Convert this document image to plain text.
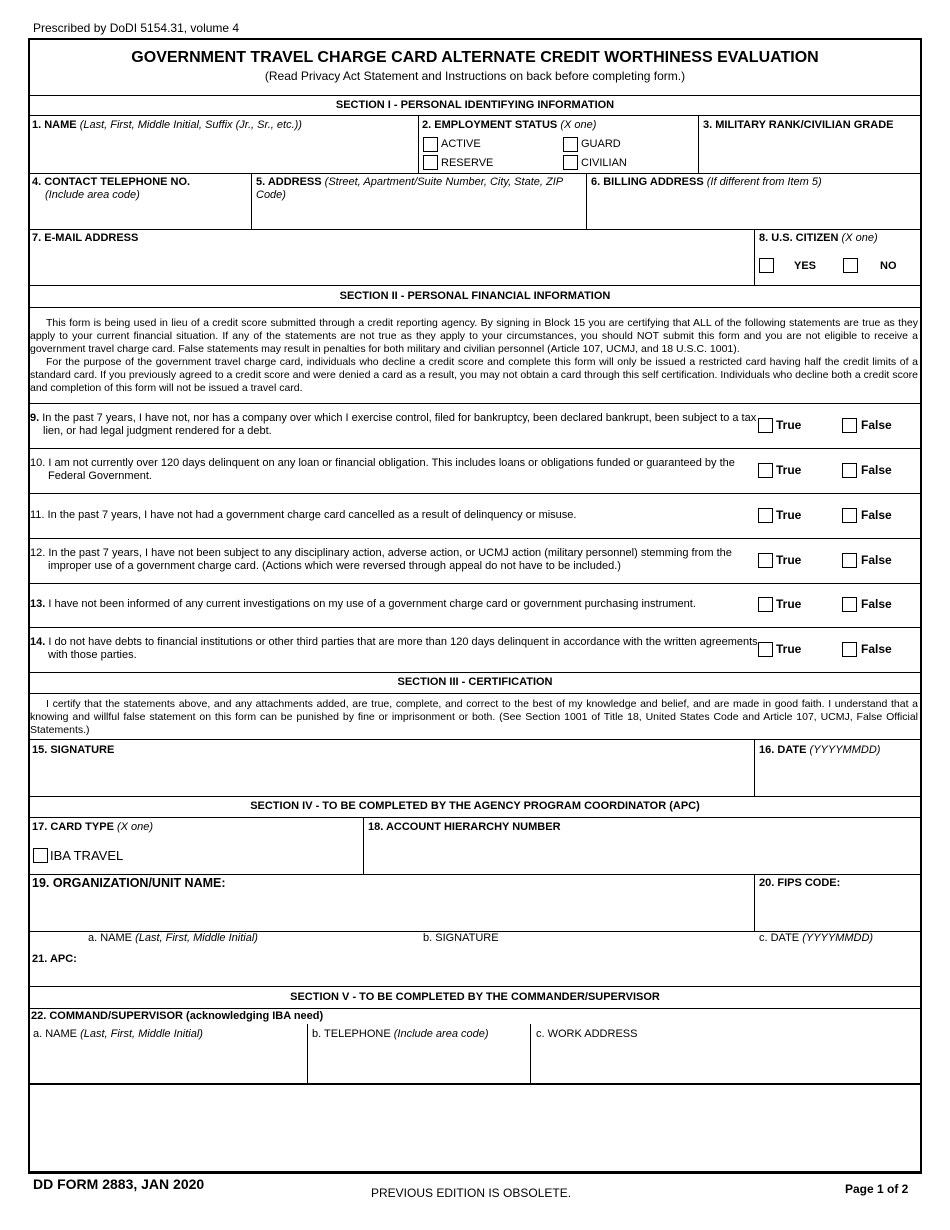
Prescribed by DoDI 5154.31, volume 4
GOVERNMENT TRAVEL CHARGE CARD ALTERNATE CREDIT WORTHINESS EVALUATION
(Read Privacy Act Statement and Instructions on back before completing form.)
SECTION I - PERSONAL IDENTIFYING INFORMATION
1. NAME (Last, First, Middle Initial, Suffix (Jr., Sr., etc.))	2. EMPLOYMENT STATUS (X one)
ACTIVE	GUARD
RESERVE	CIVILIAN
3. MILITARY RANK/CIVILIAN GRADE
4. CONTACT TELEPHONE NO.
(Include area code)
5. ADDRESS (Street, Apartment/Suite Number, City, State, ZIP Code)
6. BILLING ADDRESS (If different from Item 5)
7. E-MAIL ADDRESS	8. U.S. CITIZEN (X one)
YES	NO
SECTION II - PERSONAL FINANCIAL INFORMATION
This form is being used in lieu of a credit score submitted through a credit reporting agency. By signing in Block 15 you are certifying that ALL of the following statements are true as they apply to your current financial situation. If any of the statements are not true as they apply to your circumstances, you should NOT submit this form and you are not eligible to receive a government travel charge card. False statements may result in penalties for both military and civilian personnel (Article 107, UCMJ, and 18 U.S.C. 1001).
For the purpose of the government travel charge card, individuals who decline a credit score and complete this form will only be issued a restricted card having half the credit limits of a standard card. If you previously agreed to a credit score and were denied a card as a result, you may not obtain a card through this self certification. Individuals who decline both a credit score and completion of this form will not be issued a travel card.
9. In the past 7 years, I have not, nor has a company over which I exercise control, filed for bankruptcy, been declared bankrupt, been subject to a tax lien, or had legal judgment rendered for a debt.	True	False
10. I am not currently over 120 days delinquent on any loan or financial obligation. This includes loans or obligations funded or guaranteed by the Federal Government.	True	False
11. In the past 7 years, I have not had a government charge card cancelled as a result of delinquency or misuse.	True	False
12. In the past 7 years, I have not been subject to any disciplinary action, adverse action, or UCMJ action (military personnel) stemming from the improper use of a government charge card. (Actions which were reversed through appeal do not have to be included.)	True	False
13. I have not been informed of any current investigations on my use of a government charge card or government purchasing instrument.	True	False
14. I do not have debts to financial institutions or other third parties that are more than 120 days delinquent in accordance with the written agreements with those parties.	True	False
SECTION III - CERTIFICATION
I certify that the statements above, and any attachments added, are true, complete, and correct to the best of my knowledge and belief, and are made in good faith. I understand that a knowing and willful false statement on this form can be punished by fine or imprisonment or both. (See Section 1001 of Title 18, United States Code and Article 107, UCMJ, False Official Statements.)
15. SIGNATURE	16. DATE (YYYYMMDD)
SECTION IV - TO BE COMPLETED BY THE AGENCY PROGRAM COORDINATOR (APC)
17. CARD TYPE (X one)
IBA TRAVEL
18. ACCOUNT HIERARCHY NUMBER
19. ORGANIZATION/UNIT NAME:	20. FIPS CODE:
a. NAME (Last, First, Middle Initial)	b. SIGNATURE	c. DATE (YYYYMMDD)
21. APC:
SECTION V - TO BE COMPLETED BY THE COMMANDER/SUPERVISOR
22. COMMAND/SUPERVISOR (acknowledging IBA need)
a. NAME (Last, First, Middle Initial)	b. TELEPHONE (Include area code)	c. WORK ADDRESS
DD FORM 2883, JAN 2020
PREVIOUS EDITION IS OBSOLETE.	Page 1 of 2
